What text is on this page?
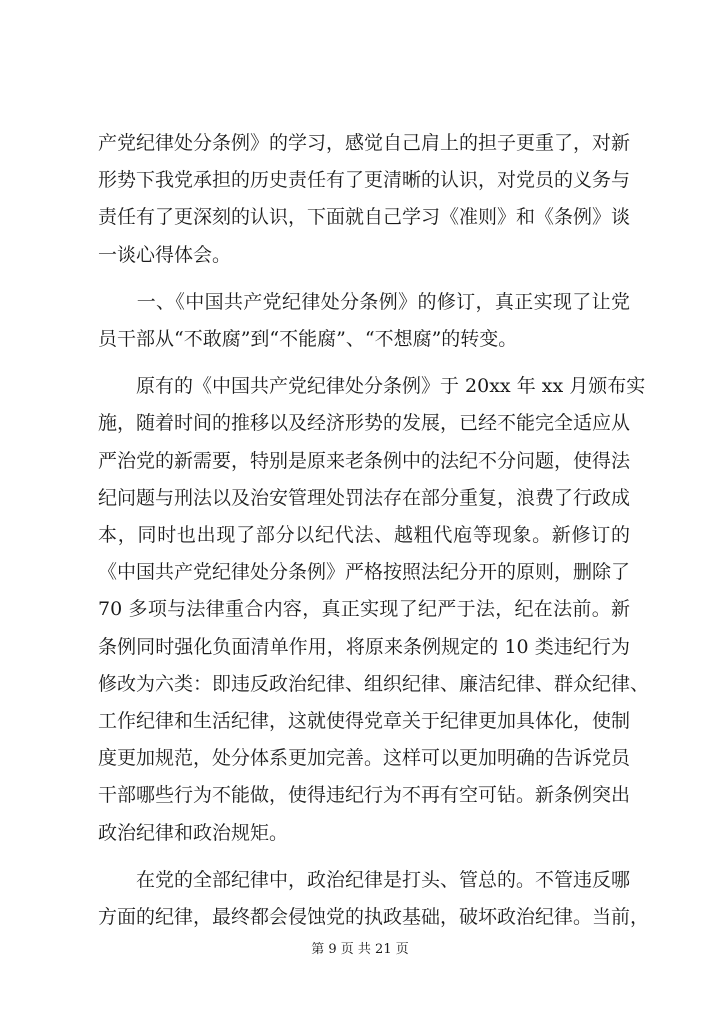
产党纪律处分条例》的学习，感觉自己肩上的担子更重了，对新
形势下我党承担的历史责任有了更清晰的认识，对党员的义务与
责任有了更深刻的认识，下面就自己学习《准则》和《条例》谈
一谈心得体会。

　　一、《中国共产党纪律处分条例》的修订，真正实现了让党
员干部从“不敢腐”到“不能腐”、“不想腐”的转变。

　　原有的《中国共产党纪律处分条例》于 20xx 年 xx 月颁布实
施，随着时间的推移以及经济形势的发展，已经不能完全适应从
严治党的新需要，特别是原来老条例中的法纪不分问题，使得法
纪问题与刑法以及治安管理处罚法存在部分重复，浪费了行政成
本，同时也出现了部分以纪代法、越粗代庖等现象。新修订的
《中国共产党纪律处分条例》严格按照法纪分开的原则，删除了
70 多项与法律重合内容，真正实现了纪严于法，纪在法前。新
条例同时强化负面清单作用，将原来条例规定的 10 类违纪行为
修改为六类：即违反政治纪律、组织纪律、廉洁纪律、群众纪律、
工作纪律和生活纪律，这就使得党章关于纪律更加具体化，使制
度更加规范，处分体系更加完善。这样可以更加明确的告诉党员
干部哪些行为不能做，使得违纪行为不再有空可钻。新条例突出
政治纪律和政治规矩。

　　在党的全部纪律中，政治纪律是打头、管总的。不管违反哪
方面的纪律，最终都会侵蚀党的执政基础，破坏政治纪律。当前，

第 9 页 共 21 页
